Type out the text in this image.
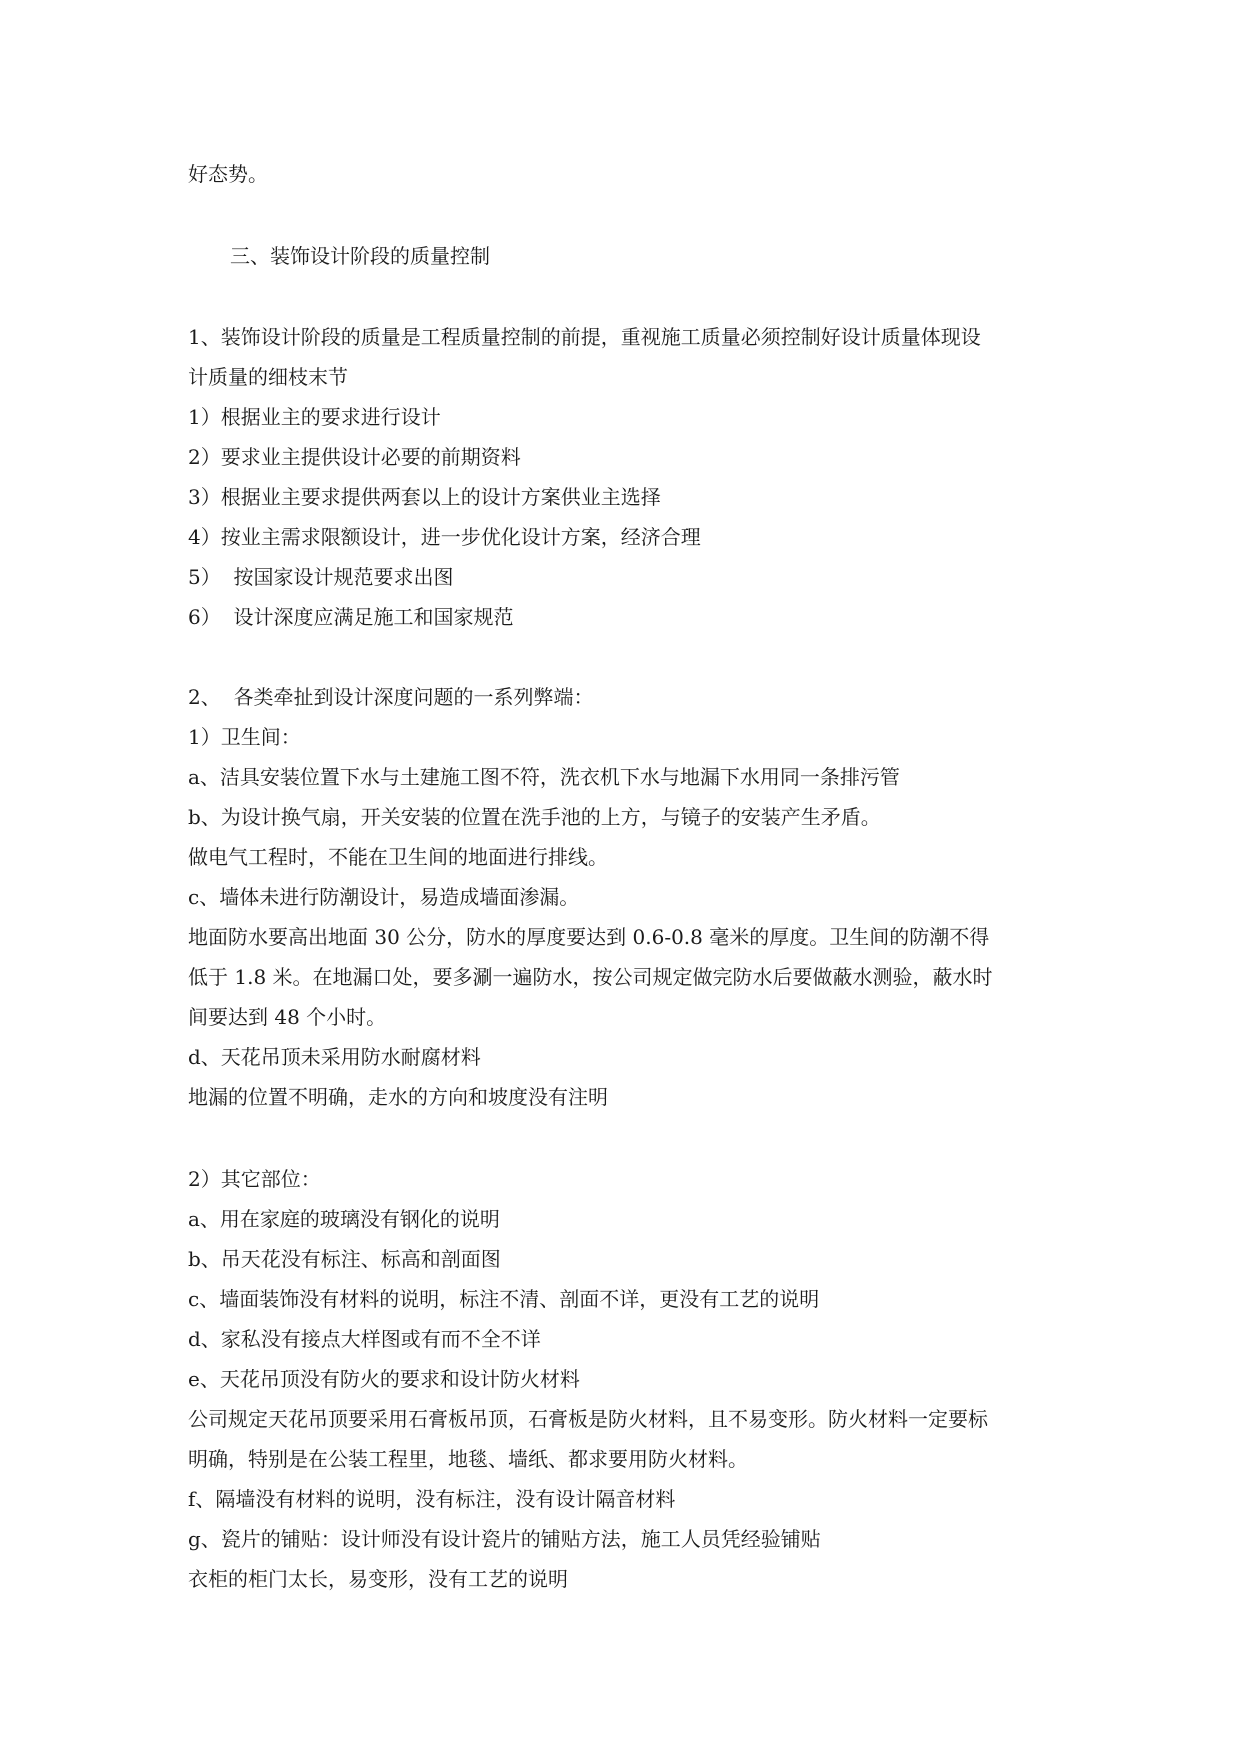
好态势。

三、装饰设计阶段的质量控制

1、装饰设计阶段的质量是工程质量控制的前提，重视施工质量必须控制好设计质量体现设

计质量的细枝末节

1）根据业主的要求进行设计

2）要求业主提供设计必要的前期资料

3）根据业主要求提供两套以上的设计方案供业主选择

4）按业主需求限额设计，进一步优化设计方案，经济合理

5）  按国家设计规范要求出图

6）  设计深度应满足施工和国家规范

2、  各类牵扯到设计深度问题的一系列弊端：

1）卫生间：

a、洁具安装位置下水与土建施工图不符，洗衣机下水与地漏下水用同一条排污管

b、为设计换气扇，开关安装的位置在洗手池的上方，与镜子的安装产生矛盾。

做电气工程时，不能在卫生间的地面进行排线。

c、墙体未进行防潮设计，易造成墙面渗漏。

地面防水要高出地面 30 公分，防水的厚度要达到 0.6-0.8 毫米的厚度。卫生间的防潮不得

低于 1.8 米。在地漏口处，要多涮一遍防水，按公司规定做完防水后要做蔽水测验，蔽水时

间要达到 48 个小时。

d、天花吊顶未采用防水耐腐材料

地漏的位置不明确，走水的方向和坡度没有注明

2）其它部位：

a、用在家庭的玻璃没有钢化的说明

b、吊天花没有标注、标高和剖面图

c、墙面装饰没有材料的说明，标注不清、剖面不详，更没有工艺的说明

d、家私没有接点大样图或有而不全不详

e、天花吊顶没有防火的要求和设计防火材料

公司规定天花吊顶要采用石膏板吊顶，石膏板是防火材料，且不易变形。防火材料一定要标

明确，特别是在公装工程里，地毯、墙纸、都求要用防火材料。

f、隔墙没有材料的说明，没有标注，没有设计隔音材料

g、瓷片的铺贴：设计师没有设计瓷片的铺贴方法，施工人员凭经验铺贴

衣柜的柜门太长，易变形，没有工艺的说明
